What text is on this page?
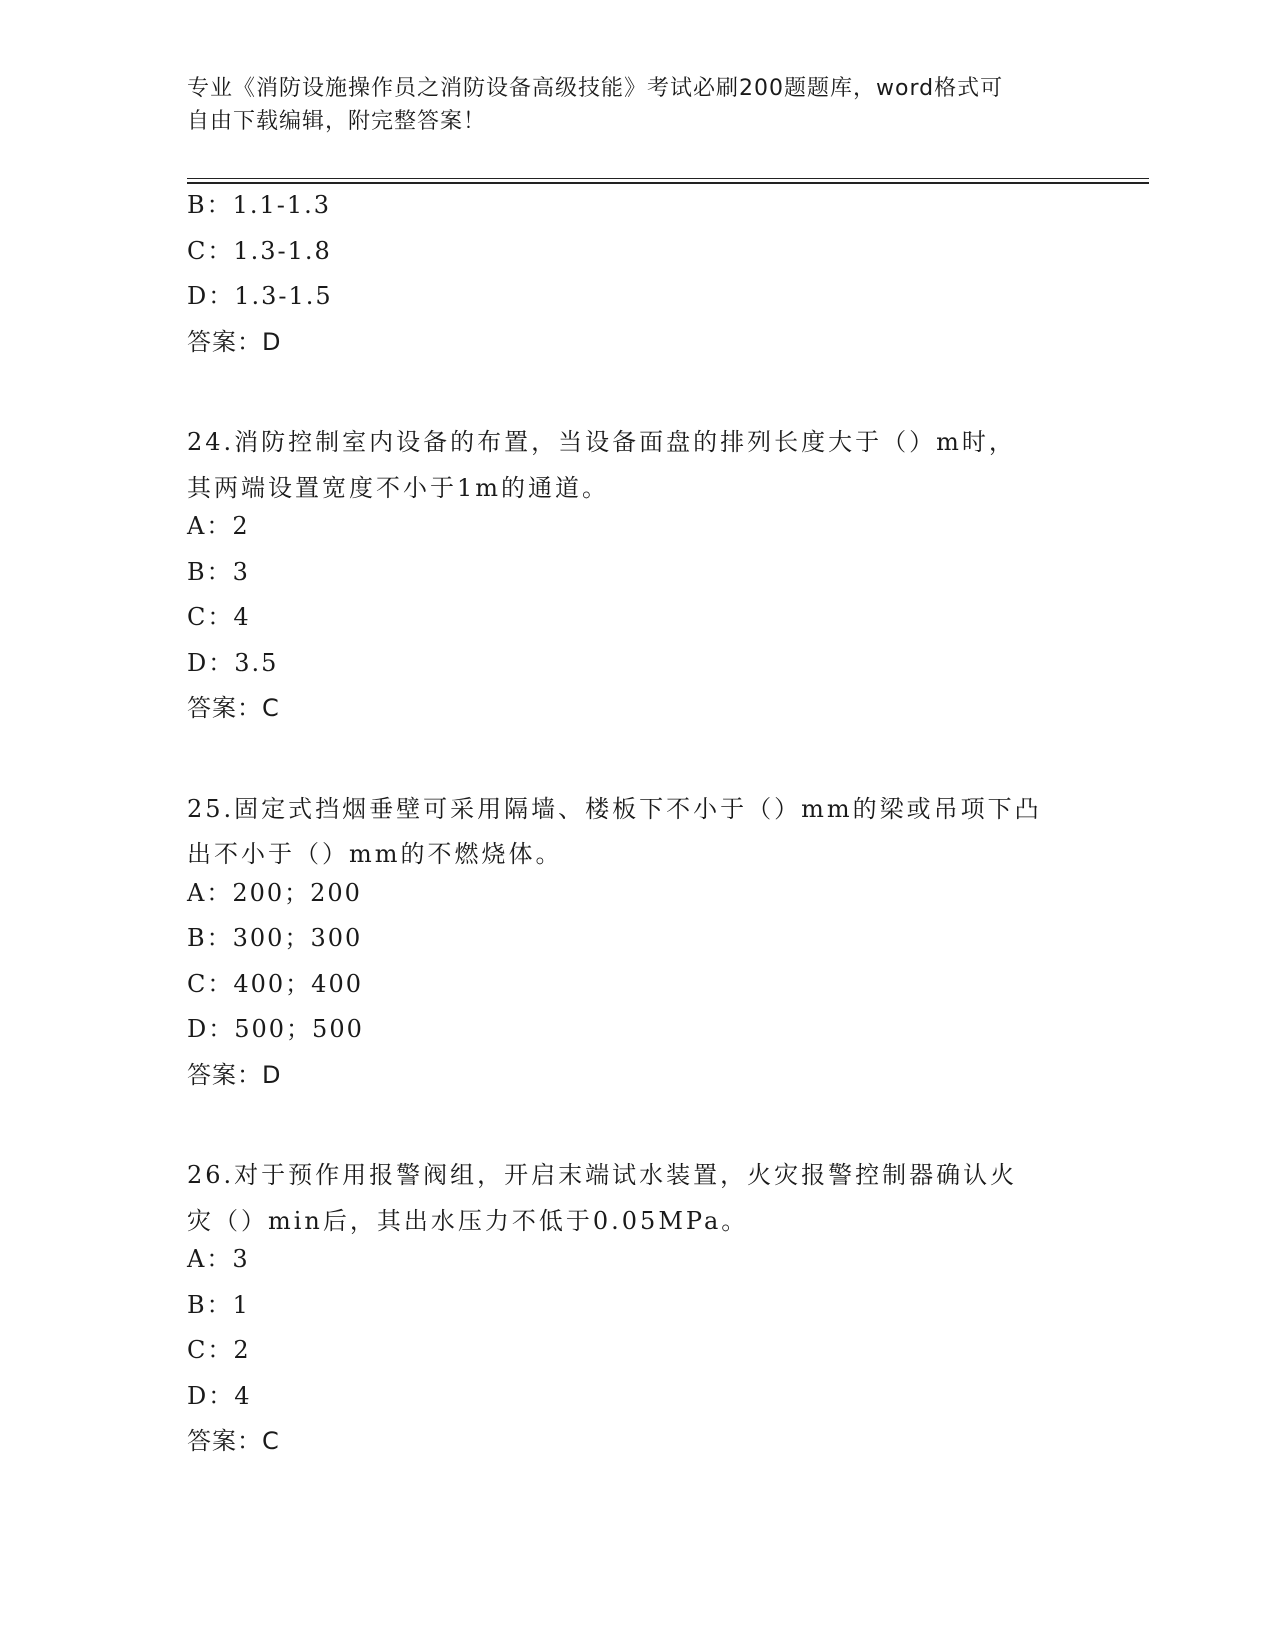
专业《消防设施操作员之消防设备高级技能》考试必刷200题题库，word格式可
自由下载编辑，附完整答案！
B：1.1-1.3
C：1.3-1.8
D：1.3-1.5
答案：D
24.消防控制室内设备的布置，当设备面盘的排列长度大于（）m时，
其两端设置宽度不小于1m的通道。
A：2
B：3
C：4
D：3.5
答案：C
25.固定式挡烟垂壁可采用隔墙、楼板下不小于（）mm的梁或吊项下凸
出不小于（）mm的不燃烧体。
A：200；200
B：300；300
C：400；400
D：500；500
答案：D
26.对于预作用报警阀组，开启末端试水装置，火灾报警控制器确认火
灾（）min后，其出水压力不低于0.05MPa。
A：3
B：1
C：2
D：4
答案：C
